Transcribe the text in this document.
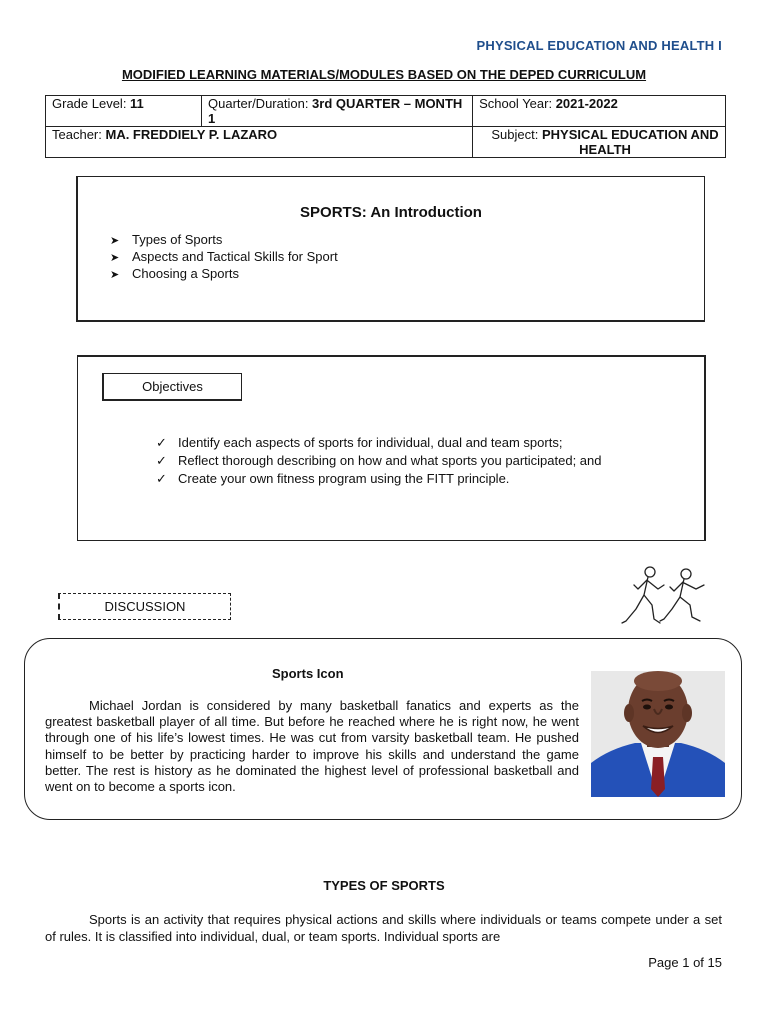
PHYSICAL EDUCATION AND HEALTH I
MODIFIED LEARNING MATERIALS/MODULES BASED ON THE DEPED CURRICULUM
Grade Level: 11	Quarter/Duration: 3rd QUARTER – MONTH 1	School Year: 2021-2022
Teacher: MA. FREDDIELY P. LAZARO		Subject: PHYSICAL EDUCATION AND HEALTH
SPORTS: An Introduction
➤ Types of Sports
➤ Aspects and Tactical Skills for Sport
➤ Choosing a Sports
Objectives
✓ Identify each aspects of sports for individual, dual and team sports;
✓ Reflect thorough describing on how and what sports you participated; and
✓ Create your own fitness program using the FITT principle.
DISCUSSION
Sports Icon

Michael Jordan is considered by many basketball fanatics and experts as the greatest basketball player of all time. But before he reached where he is right now, he went through one of his life’s lowest times. He was cut from varsity basketball team. He pushed himself to be better by practicing harder to improve his skills and understand the game better. The rest is history as he dominated the highest level of professional basketball and went on to become a sports icon.

TYPES OF SPORTS

Sports is an activity that requires physical actions and skills where individuals or teams compete under a set of rules. It is classified into individual, dual, or team sports. Individual sports are

Page 1 of 15
